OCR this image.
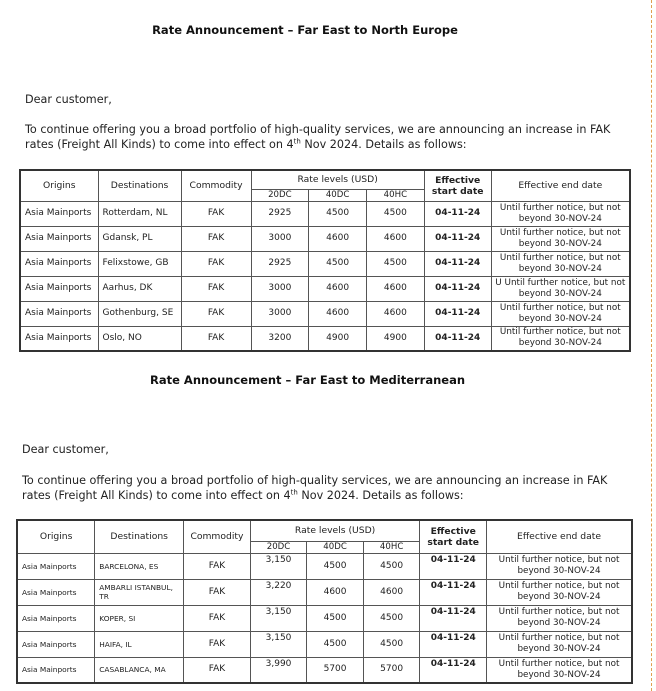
Rate Announcement – Far East to North Europe
Dear customer,
To continue offering you a broad portfolio of high-quality services, we are announcing an increase in FAK
rates (Freight All Kinds) to come into effect on 4th Nov 2024. Details as follows:
Origins	Destinations	Commodity	Rate levels (USD)			Effective start date	Effective end date
			20DC	40DC	40HC		
Asia Mainports	Rotterdam, NL	FAK	2925	4500	4500	04-11-24	Until further notice, but not beyond 30-NOV-24
Asia Mainports	Gdansk, PL	FAK	3000	4600	4600	04-11-24	Until further notice, but not beyond 30-NOV-24
Asia Mainports	Felixstowe, GB	FAK	2925	4500	4500	04-11-24	Until further notice, but not beyond 30-NOV-24
Asia Mainports	Aarhus, DK	FAK	3000	4600	4600	04-11-24	U Until further notice, but not beyond 30-NOV-24
Asia Mainports	Gothenburg, SE	FAK	3000	4600	4600	04-11-24	Until further notice, but not beyond 30-NOV-24
Asia Mainports	Oslo, NO	FAK	3200	4900	4900	04-11-24	Until further notice, but not beyond 30-NOV-24
Rate Announcement – Far East to Mediterranean
Dear customer,
To continue offering you a broad portfolio of high-quality services, we are announcing an increase in FAK
rates (Freight All Kinds) to come into effect on 4th Nov 2024. Details as follows:
Origins	Destinations	Commodity	Rate levels (USD)			Effective start date	Effective end date
			20DC	40DC	40HC		
Asia Mainports	BARCELONA, ES	FAK	3,150	4500	4500	04-11-24	Until further notice, but not beyond 30-NOV-24
Asia Mainports	AMBARLI ISTANBUL, TR	FAK	3,220	4600	4600	04-11-24	Until further notice, but not beyond 30-NOV-24
Asia Mainports	KOPER, SI	FAK	3,150	4500	4500	04-11-24	Until further notice, but not beyond 30-NOV-24
Asia Mainports	HAIFA, IL	FAK	3,150	4500	4500	04-11-24	Until further notice, but not beyond 30-NOV-24
Asia Mainports	CASABLANCA, MA	FAK	3,990	5700	5700	04-11-24	Until further notice, but not beyond 30-NOV-24
